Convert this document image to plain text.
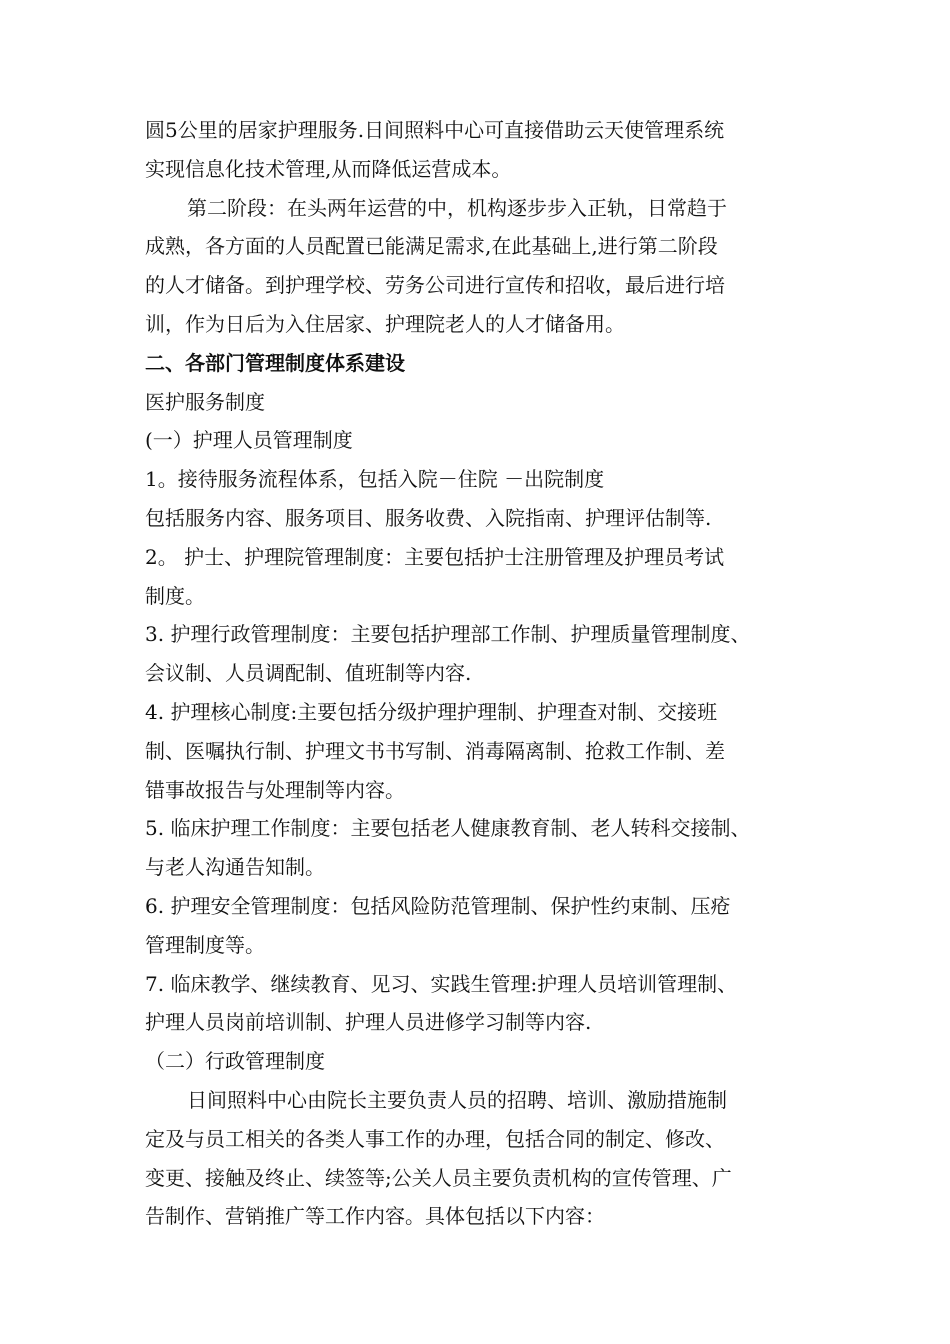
圆5公里的居家护理服务.日间照料中心可直接借助云天使管理系统
实现信息化技术管理,从而降低运营成本。
第二阶段：在头两年运营的中，机构逐步步入正轨，日常趋于
成熟，各方面的人员配置已能满足需求,在此基础上,进行第二阶段
的人才储备。到护理学校、劳务公司进行宣传和招收，最后进行培
训，作为日后为入住居家、护理院老人的人才储备用。
二、各部门管理制度体系建设
医护服务制度
(一）护理人员管理制度
1。接待服务流程体系，包括入院－住院 －出院制度
包括服务内容、服务项目、服务收费、入院指南、护理评估制等.
2。 护士、护理院管理制度：主要包括护士注册管理及护理员考试
制度。
3. 护理行政管理制度：主要包括护理部工作制、护理质量管理制度、
会议制、人员调配制、值班制等内容.
4. 护理核心制度:主要包括分级护理护理制、护理查对制、交接班
制、医嘱执行制、护理文书书写制、消毒隔离制、抢救工作制、差
错事故报告与处理制等内容。
5. 临床护理工作制度：主要包括老人健康教育制、老人转科交接制、
与老人沟通告知制。
6. 护理安全管理制度：包括风险防范管理制、保护性约束制、压疮
管理制度等。
7. 临床教学、继续教育、见习、实践生管理:护理人员培训管理制、
护理人员岗前培训制、护理人员进修学习制等内容.
（二）行政管理制度
日间照料中心由院长主要负责人员的招聘、培训、激励措施制
定及与员工相关的各类人事工作的办理，包括合同的制定、修改、
变更、接触及终止、续签等;公关人员主要负责机构的宣传管理、广
告制作、营销推广等工作内容。具体包括以下内容：
